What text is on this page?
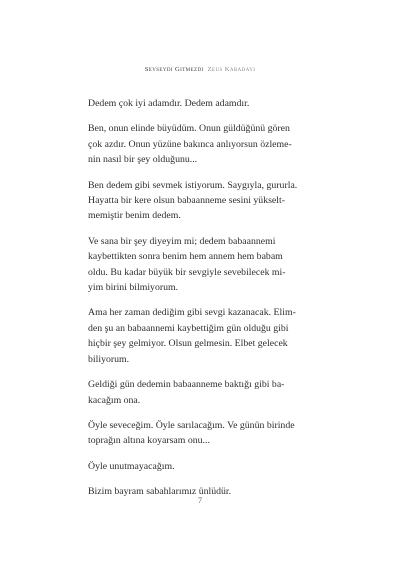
Sevseydi Gitmezdi Zeus Kabadayı

Dedem çok iyi adamdır. Dedem adamdır.

Ben, onun elinde büyüdüm. Onun güldüğünü gören
çok azdır. Onun yüzüne bakınca anlıyorsun özleme-
nin nasıl bir şey olduğunu...

Ben dedem gibi sevmek istiyorum. Saygıyla, gururla.
Hayatta bir kere olsun babaanneme sesini yükselt-
memiştir benim dedem.

Ve sana bir şey diyeyim mi; dedem babaannemi
kaybettikten sonra benim hem annem hem babam
oldu. Bu kadar büyük bir sevgiyle sevebilecek mi-
yim birini bilmiyorum.

Ama her zaman dediğim gibi sevgi kazanacak. Elim-
den şu an babaannemi kaybettiğim gün olduğu gibi
hiçbir şey gelmiyor. Olsun gelmesin. Elbet gelecek
biliyorum.

Geldiği gün dedemin babaanneme baktığı gibi ba-
kacağım ona.

Öyle seveceğim. Öyle sarılacağım. Ve günün birinde
toprağın altına koyarsam onu...

Öyle unutmayacağım.

Bizim bayram sabahlarımız ünlüdür.

7
